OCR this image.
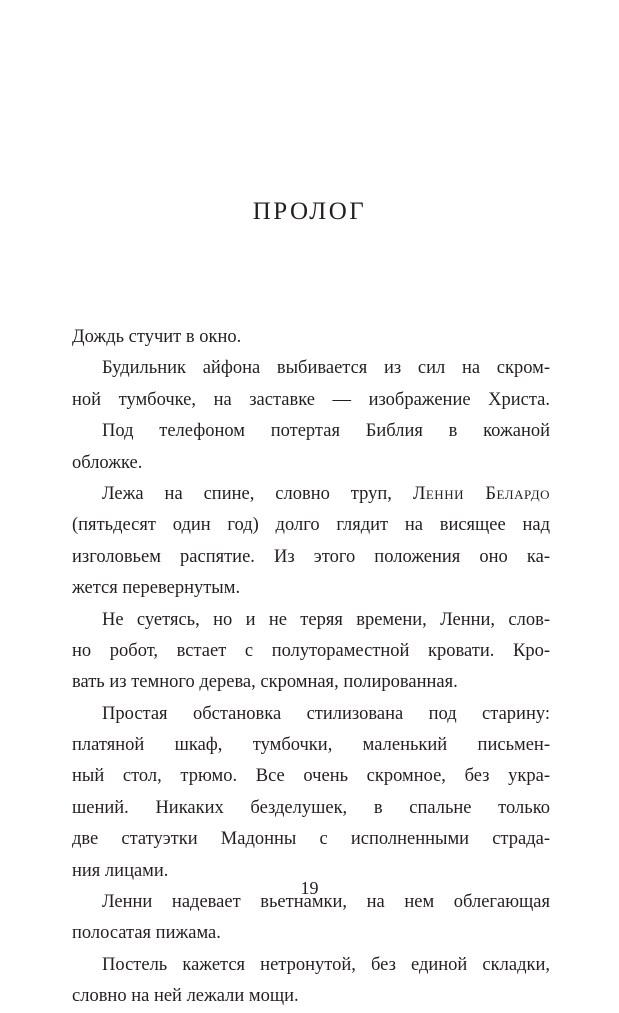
ПРОЛОГ
Дождь стучит в окно.
Будильник айфона выбивается из сил на скром-
ной тумбочке, на заставке — изображение Христа.
Под телефоном потертая Библия в кожаной
обложке.
Лежа на спине, словно труп, Ленни Белардо
(пятьдесят один год) долго глядит на висящее над
изголовьем распятие. Из этого положения оно ка-
жется перевернутым.
Не суетясь, но и не теряя времени, Ленни, слов-
но робот, встает с полутораместной кровати. Кро-
вать из темного дерева, скромная, полированная.
Простая обстановка стилизована под старину:
платяной шкаф, тумбочки, маленький письмен-
ный стол, трюмо. Все очень скромное, без укра-
шений. Никаких безделушек, в спальне только
две статуэтки Мадонны с исполненными страда-
ния лицами.
Ленни надевает вьетнамки, на нем облегающая
полосатая пижама.
Постель кажется нетронутой, без единой складки,
словно на ней лежали мощи.
19
